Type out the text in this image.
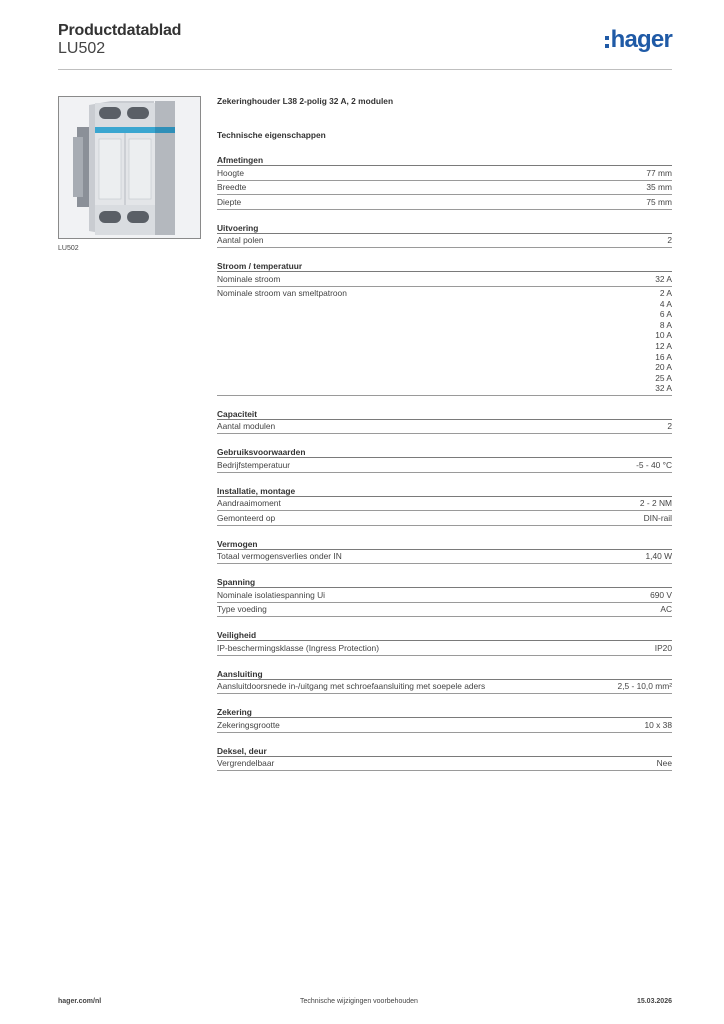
Productdatablad
LU502	hager
LU502
Zekeringhouder L38 2-polig 32 A, 2 modulen
Technische eigenschappen
Afmetingen
Hoogte	77 mm
Breedte	35 mm
Diepte	75 mm
Uitvoering
Aantal polen	2
Stroom / temperatuur
Nominale stroom	32 A
Nominale stroom van smeltpatroon	2 A
4 A
6 A
8 A
10 A
12 A
16 A
20 A
25 A
32 A
Capaciteit
Aantal modulen	2
Gebruiksvoorwaarden
Bedrijfstemperatuur	-5 - 40 °C
Installatie, montage
Aandraaimoment	2 - 2 NM
Gemonteerd op	DIN-rail
Vermogen
Totaal vermogensverlies onder IN	1,40 W
Spanning
Nominale isolatiespanning Ui	690 V
Type voeding	AC
Veiligheid
IP-beschermingsklasse (Ingress Protection)	IP20
Aansluiting
Aansluitdoorsnede in-/uitgang met schroefaansluiting met soepele aders	2,5 - 10,0 mm²
Zekering
Zekeringsgrootte	10 x 38
Deksel, deur
Vergrendelbaar	Nee
hager.com/nl	Technische wijzigingen voorbehouden	15.03.2026
